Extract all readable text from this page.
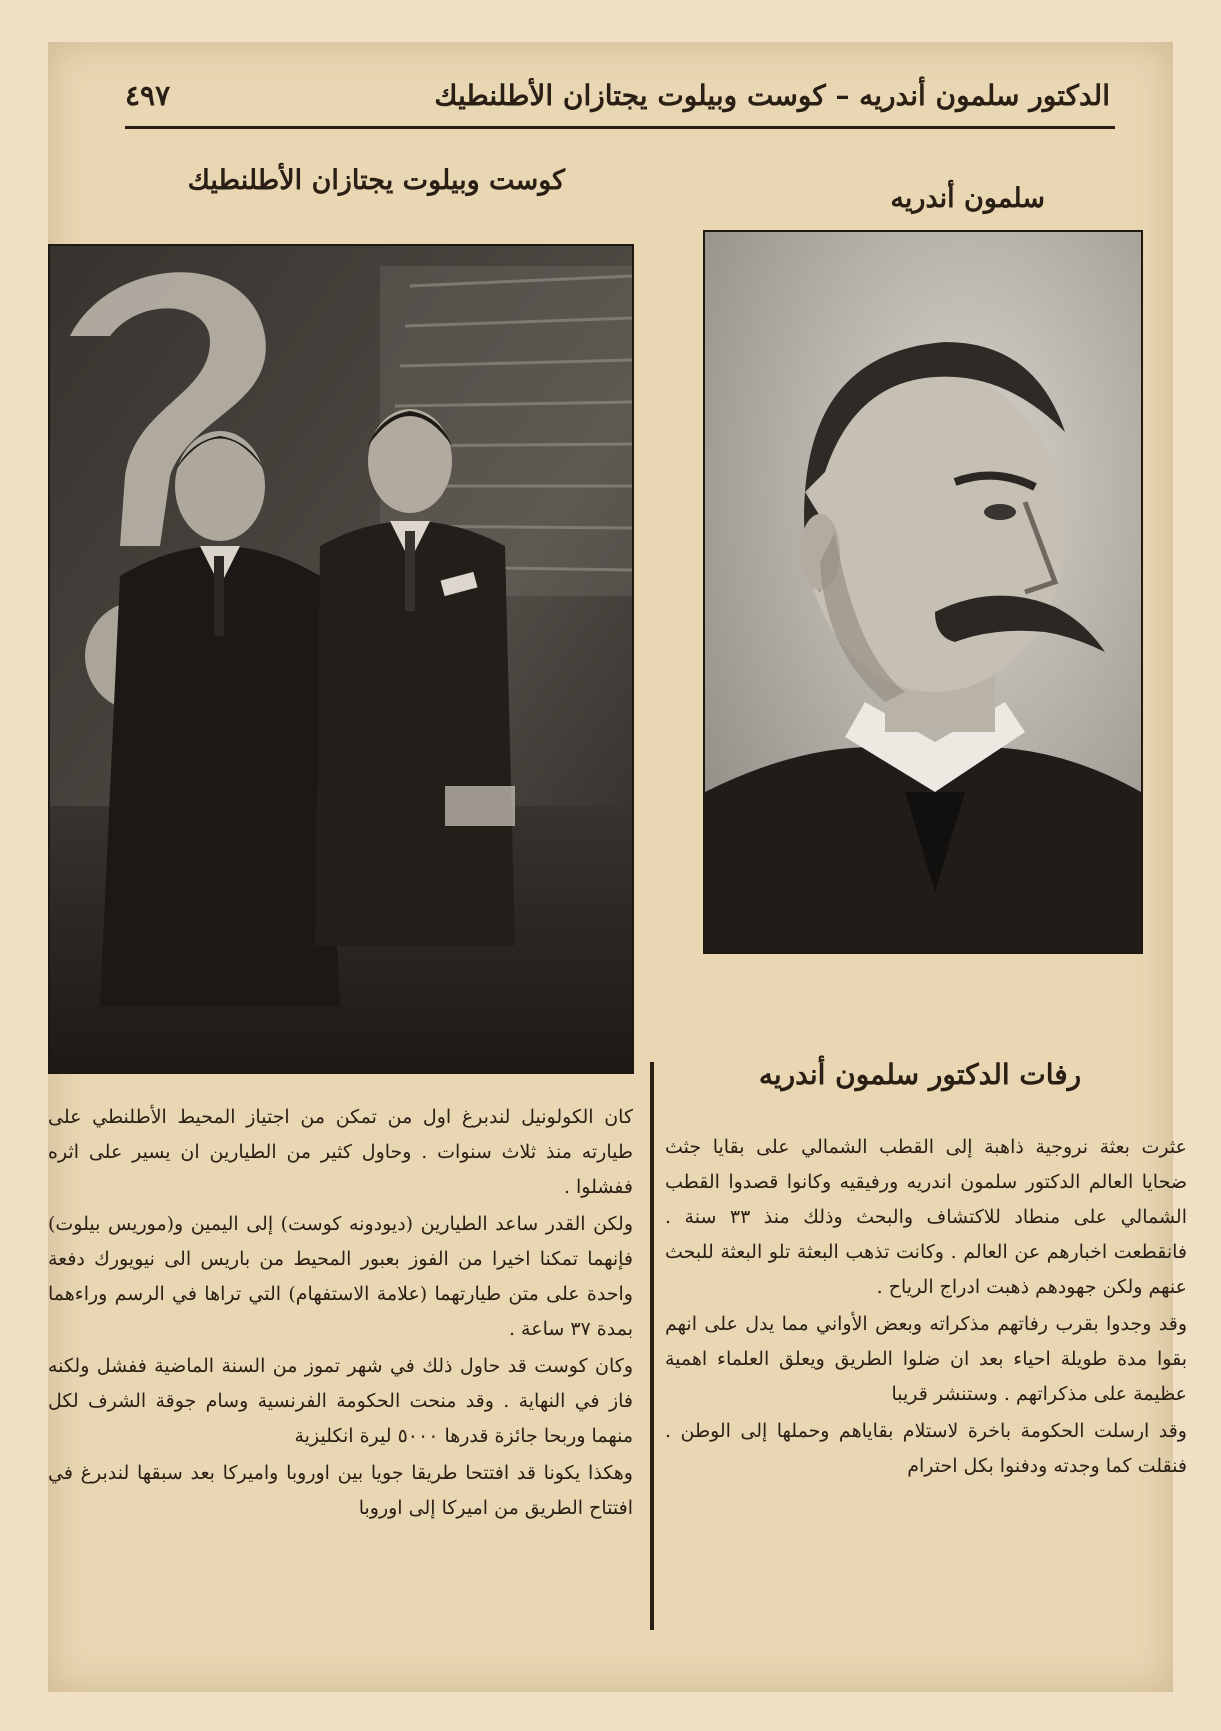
الدكتور سلمون أندريه – كوست وبيلوت يجتازان الأطلنطيك
٤٩٧
كوست وبيلوت يجتازان الأطلنطيك
سلمون أندريه
رفات الدكتور سلمون أندريه

عثرت بعثة نروجية ذاهبة إلى القطب الشمالي على بقايا جثث ضحايا العالم الدكتور سلمون اندريه ورفيقيه وكانوا قصدوا القطب الشمالي على منطاد للاكتشاف والبحث وذلك منذ ٣٣ سنة . فانقطعت اخبارهم عن العالم . وكانت تذهب البعثة تلو البعثة للبحث عنهم ولكن جهودهم ذهبت ادراج الرياح .

وقد وجدوا بقرب رفاتهم مذكراته وبعض الأواني مما يدل على انهم بقوا مدة طويلة احياء بعد ان ضلوا الطريق ويعلق العلماء اهمية عظيمة على مذكراتهم . وستنشر قريبا

وقد ارسلت الحكومة باخرة لاستلام بقاياهم وحملها إلى الوطن . فنقلت كما وجدته ودفنوا بكل احترام

كان الكولونيل لندبرغ اول من تمكن من اجتياز المحيط الأطلنطي على طيارته منذ ثلاث سنوات . وحاول كثير من الطيارين ان يسير على اثره ففشلوا .

ولكن القدر ساعد الطيارين (ديودونه كوست) إلى اليمين و(موريس بيلوت) فإنهما تمكنا اخيرا من الفوز بعبور المحيط من باريس الى نيويورك دفعة واحدة على متن طيارتهما (علامة الاستفهام) التي تراها في الرسم وراءهما بمدة ٣٧ ساعة .

وكان كوست قد حاول ذلك في شهر تموز من السنة الماضية ففشل ولكنه فاز في النهاية . وقد منحت الحكومة الفرنسية وسام جوقة الشرف لكل منهما وربحا جائزة قدرها ٥٠٠٠ ليرة انكليزية

وهكذا يكونا قد افتتحا طريقا جويا بين اوروبا واميركا بعد سبقها لندبرغ في افتتاح الطريق من اميركا إلى اوروبا
